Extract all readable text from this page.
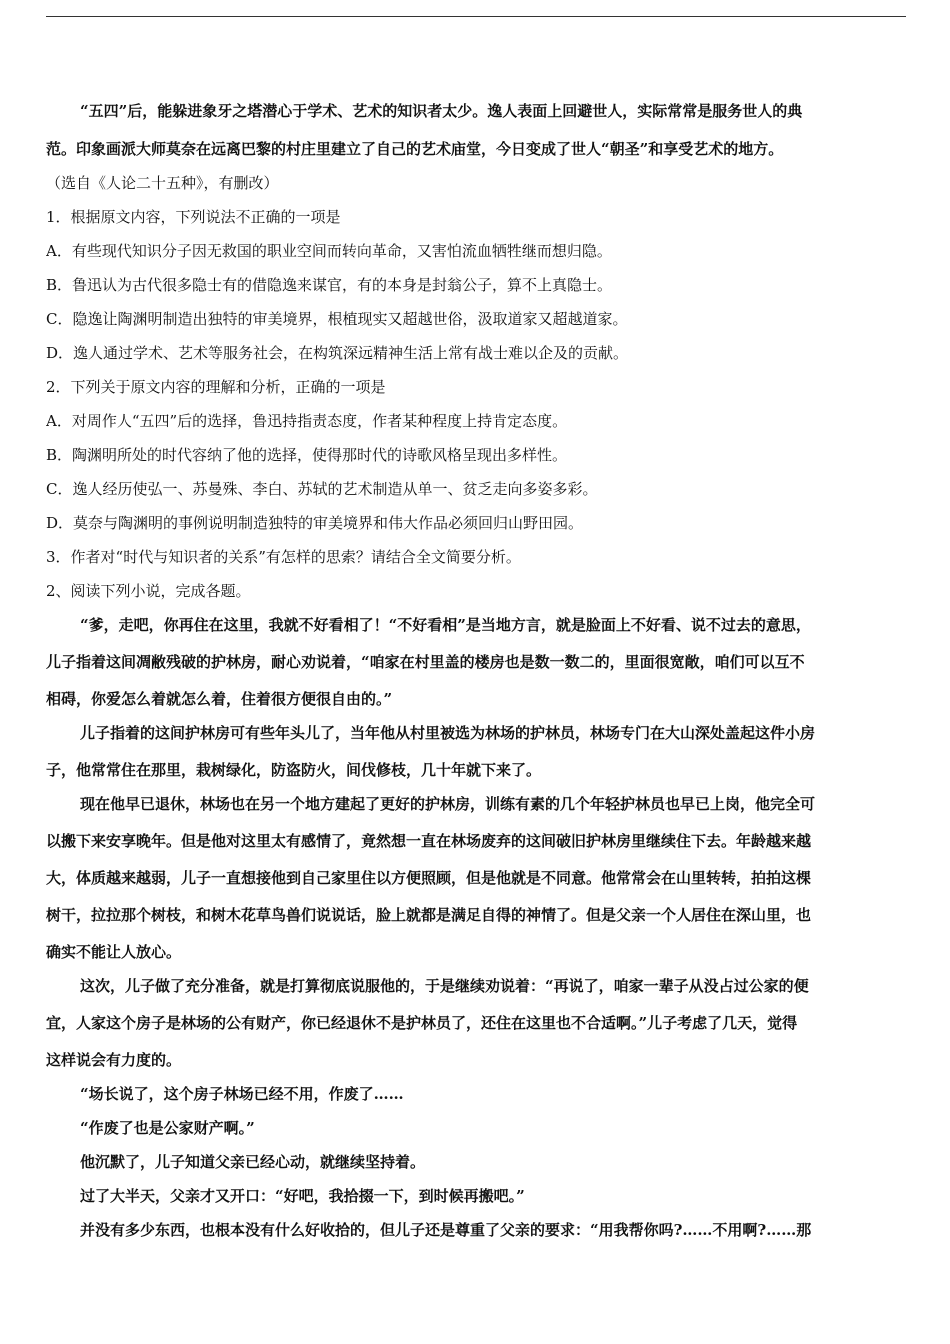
“五四”后，能躲进象牙之塔潜心于学术、艺术的知识者太少。逸人表面上回避世人，实际常常是服务世人的典
范。印象画派大师莫奈在远离巴黎的村庄里建立了自己的艺术庙堂，今日变成了世人“朝圣”和享受艺术的地方。
（选自《人论二十五种》，有删改）
1．根据原文内容，下列说法不正确的一项是
A．有些现代知识分子因无救国的职业空间而转向革命，又害怕流血牺牲继而想归隐。
B．鲁迅认为古代很多隐士有的借隐逸来谋官，有的本身是封翁公子，算不上真隐士。
C．隐逸让陶渊明制造出独特的审美境界，根植现实又超越世俗，汲取道家又超越道家。
D．逸人通过学术、艺术等服务社会，在构筑深远精神生活上常有战士难以企及的贡献。
2．下列关于原文内容的理解和分析，正确的一项是
A．对周作人“五四”后的选择，鲁迅持指责态度，作者某种程度上持肯定态度。
B．陶渊明所处的时代容纳了他的选择，使得那时代的诗歌风格呈现出多样性。
C．逸人经历使弘一、苏曼殊、李白、苏轼的艺术制造从单一、贫乏走向多姿多彩。
D．莫奈与陶渊明的事例说明制造独特的审美境界和伟大作品必须回归山野田园。
3．作者对“时代与知识者的关系”有怎样的思索？请结合全文简要分析。
2、阅读下列小说，完成各题。
“爹，走吧，你再住在这里，我就不好看相了！“不好看相”是当地方言，就是脸面上不好看、说不过去的意思，
儿子指着这间凋敝残破的护林房，耐心劝说着，“咱家在村里盖的楼房也是数一数二的，里面很宽敞，咱们可以互不
相碍，你爱怎么着就怎么着，住着很方便很自由的。”
儿子指着的这间护林房可有些年头儿了，当年他从村里被选为林场的护林员，林场专门在大山深处盖起这件小房
子，他常常住在那里，栽树绿化，防盗防火，间伐修枝，几十年就下来了。
现在他早已退休，林场也在另一个地方建起了更好的护林房，训练有素的几个年轻护林员也早已上岗，他完全可
以搬下来安享晚年。但是他对这里太有感情了，竟然想一直在林场废弃的这间破旧护林房里继续住下去。年龄越来越
大，体质越来越弱，儿子一直想接他到自己家里住以方便照顾，但是他就是不同意。他常常会在山里转转，拍拍这棵
树干，拉拉那个树枝，和树木花草鸟兽们说说话，脸上就都是满足自得的神情了。但是父亲一个人居住在深山里，也
确实不能让人放心。
这次，儿子做了充分准备，就是打算彻底说服他的，于是继续劝说着：“再说了，咱家一辈子从没占过公家的便
宜，人家这个房子是林场的公有财产，你已经退休不是护林员了，还住在这里也不合适啊。”儿子考虑了几天，觉得
这样说会有力度的。
“场长说了，这个房子林场已经不用，作废了……
“作废了也是公家财产啊。”
他沉默了，儿子知道父亲已经心动，就继续坚持着。
过了大半天，父亲才又开口：“好吧，我拾掇一下，到时候再搬吧。”
并没有多少东西，也根本没有什么好收拾的，但儿子还是尊重了父亲的要求：“用我帮你吗?……不用啊?……那
